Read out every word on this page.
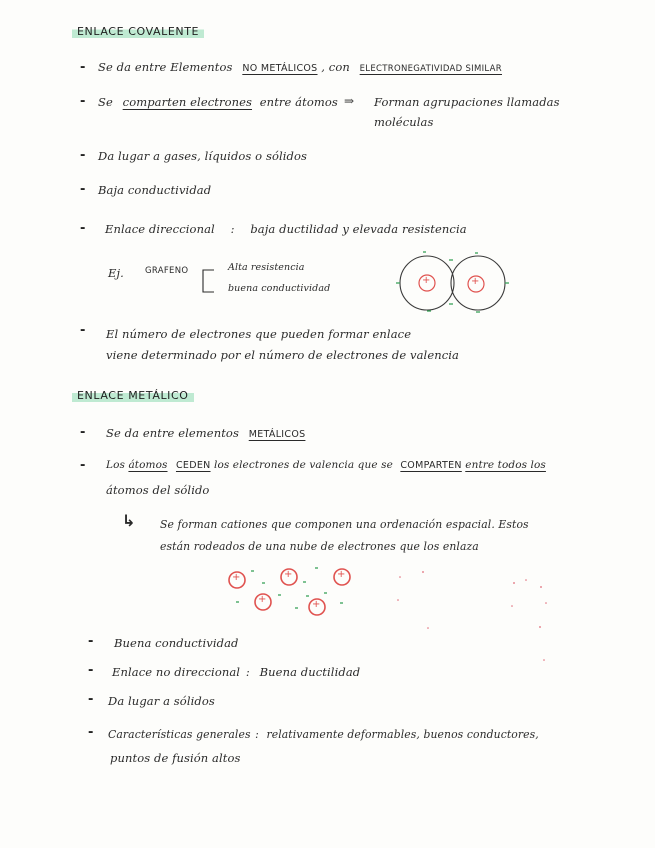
ENLACE COVALENTE
- Se da entre Elementos NO METÁLICOS , con ELECTRONEGATIVIDAD SIMILAR
- Se comparten electrones entre átomos ⇒ Forman agrupaciones llamadas
moléculas
- Da lugar a gases, líquidos o sólidos
- Baja conductividad
- Enlace direccional : baja ductilidad y elevada resistencia
Ej. GRAFENO	Alta resistencia
buena conductividad
+	+
- El número de electrones que pueden formar enlace
viene determinado por el número de electrones de valencia
ENLACE METÁLICO
- Se da entre elementos METÁLICOS
- Los átomos CEDEN los electrones de valencia que se COMPARTEN entre todos los
átomos del sólido
↳ Se forman cationes que componen una ordenación espacial. Estos
están rodeados de una nube de electrones que los enlaza
+	+	+
+	+
- Buena conductividad
- Enlace no direccional : Buena ductilidad
- Da lugar a sólidos
- Características generales : relativamente deformables, buenos conductores,
puntos de fusión altos
